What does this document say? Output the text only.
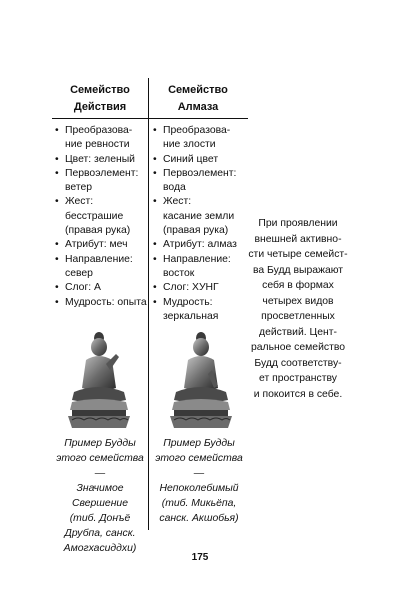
Семейство
Действия
Семейство
Алмаза
• Преобразова-
ние ревности
• Цвет: зеленый
• Первоэлемент:
ветер
• Жест: бесстрашие
(правая рука)
• Атрибут: меч
• Направление:
север
• Слог: А
• Мудрость: опыта
• Преобразова-
ние злости
• Синий цвет
• Первоэлемент:
вода
• Жест:
касание земли
(правая рука)
• Атрибут: алмаз
• Направление:
восток
• Слог: ХУНГ
• Мудрость:
зеркальная
Пример Будды
этого семейства —
Значимое Свершение
(тиб. Донъё
Друбпа, санск.
Амогхасиддхи)
Пример Будды
этого семейства —
Непоколебимый
(тиб. Микьёпа,
санск. Акшобья)
При проявлении
внешней активно-
сти четыре семейст-
ва Будд выражают
себя в формах
четырех видов
просветленных
действий. Цент-
ральное семейство
Будд соответству-
ет пространству
и покоится в себе.
175
